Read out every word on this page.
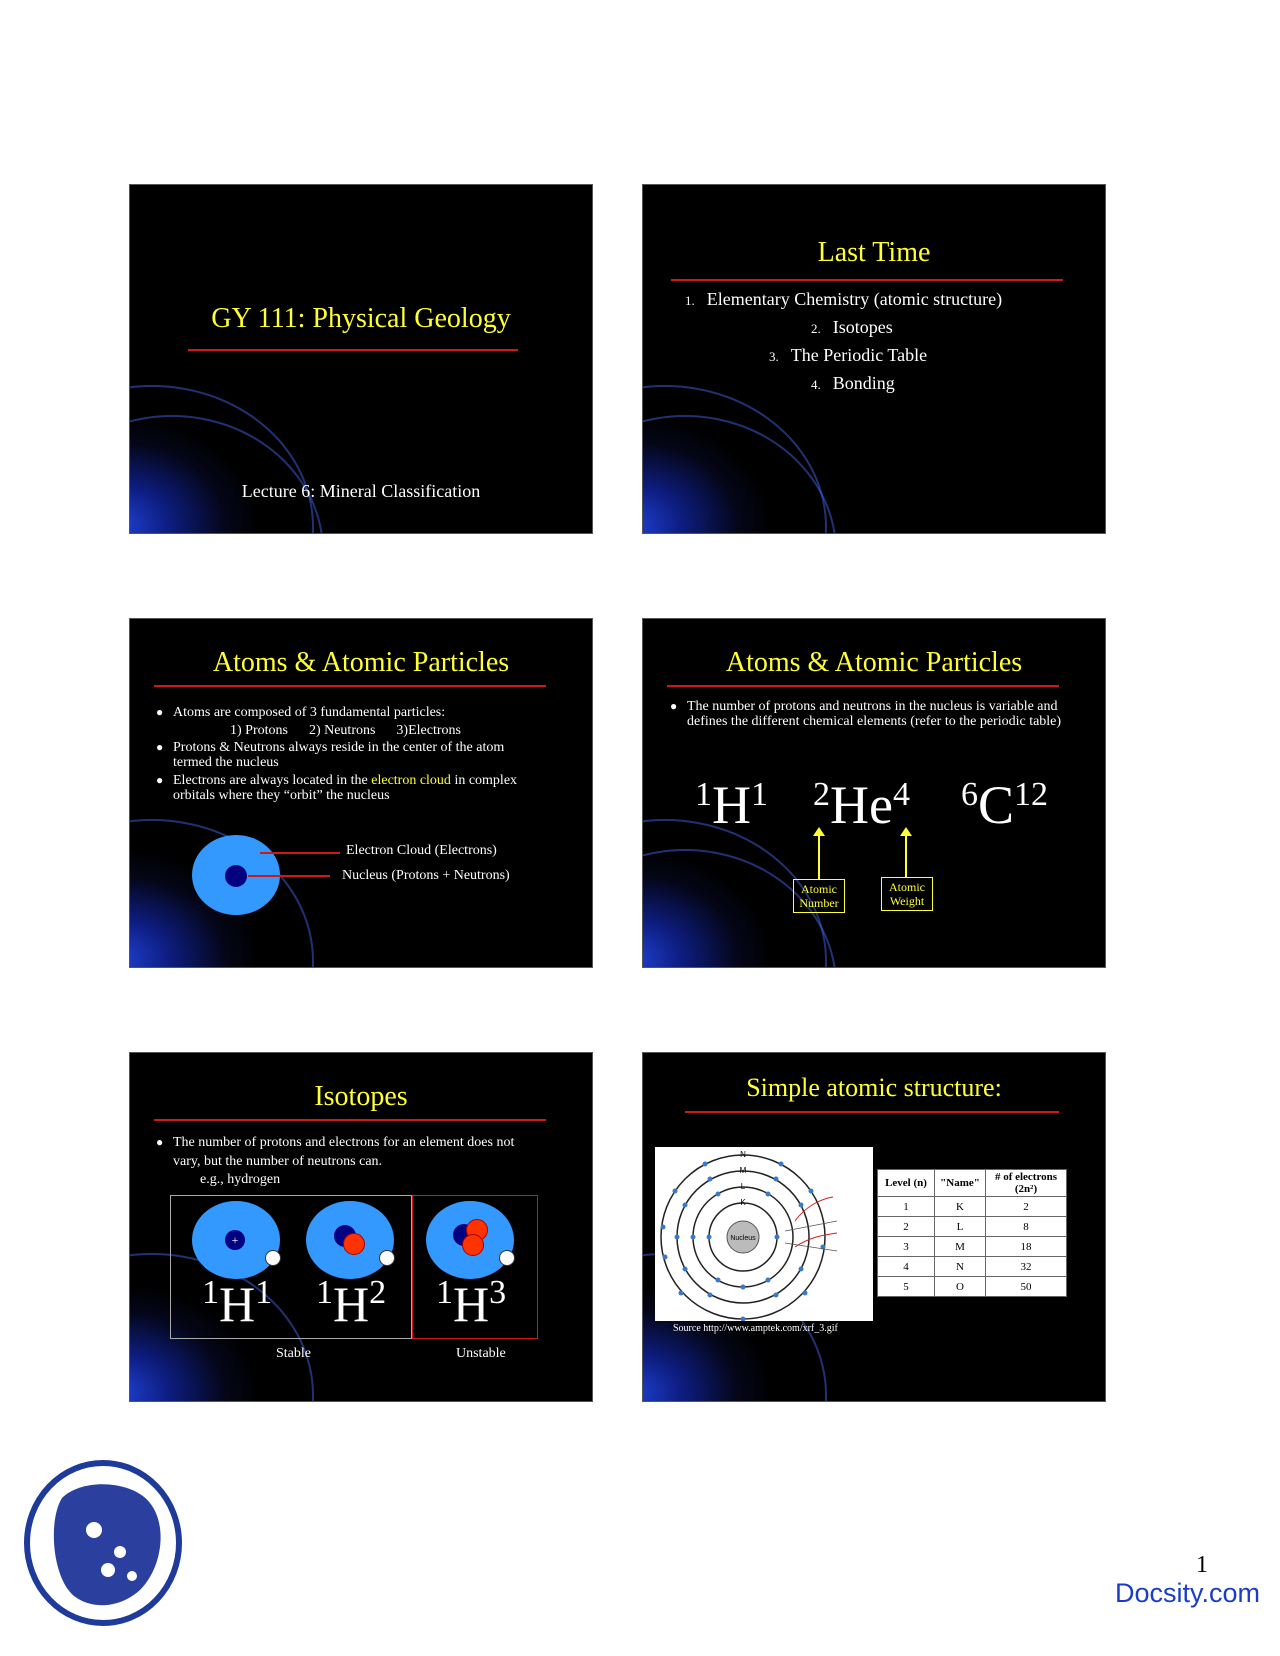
GY 111: Physical Geology
Lecture 6: Mineral Classification
Last Time
1. Elementary Chemistry (atomic structure)
2. Isotopes
3. The Periodic Table
4. Bonding
Atoms & Atomic Particles
● Atoms are composed of 3 fundamental particles:
1) Protons      2) Neutrons      3)Electrons
● Protons & Neutrons always reside in the center of the atom termed the nucleus
● Electrons are always located in the electron cloud in complex orbitals where they “orbit” the nucleus
Electron Cloud (Electrons)
Nucleus (Protons + Neutrons)
Atoms & Atomic Particles
● The number of protons and neutrons in the nucleus is variable and defines the different chemical elements (refer to the periodic table)
$^1H^1$ $^2$He$^4$ $^6C^{12}$
Atomic Number
Atomic Weight
Isotopes
● The number of protons and electrons for an element does not vary, but the number of neutrons can.
e.g., hydrogen
+
$^1H^1$ $^1H^2$ $^1H^3$
Stable	Unstable
Simple atomic structure:
Nucleus
N
M
L
K
Level (n)	"Name"	# of electrons (2n²)
1	K	2
2	L	8
3	M	18
4	N	32
5	O	50
Source http://www.amptek.com/xrf_3.gif
1
Docsity.com
